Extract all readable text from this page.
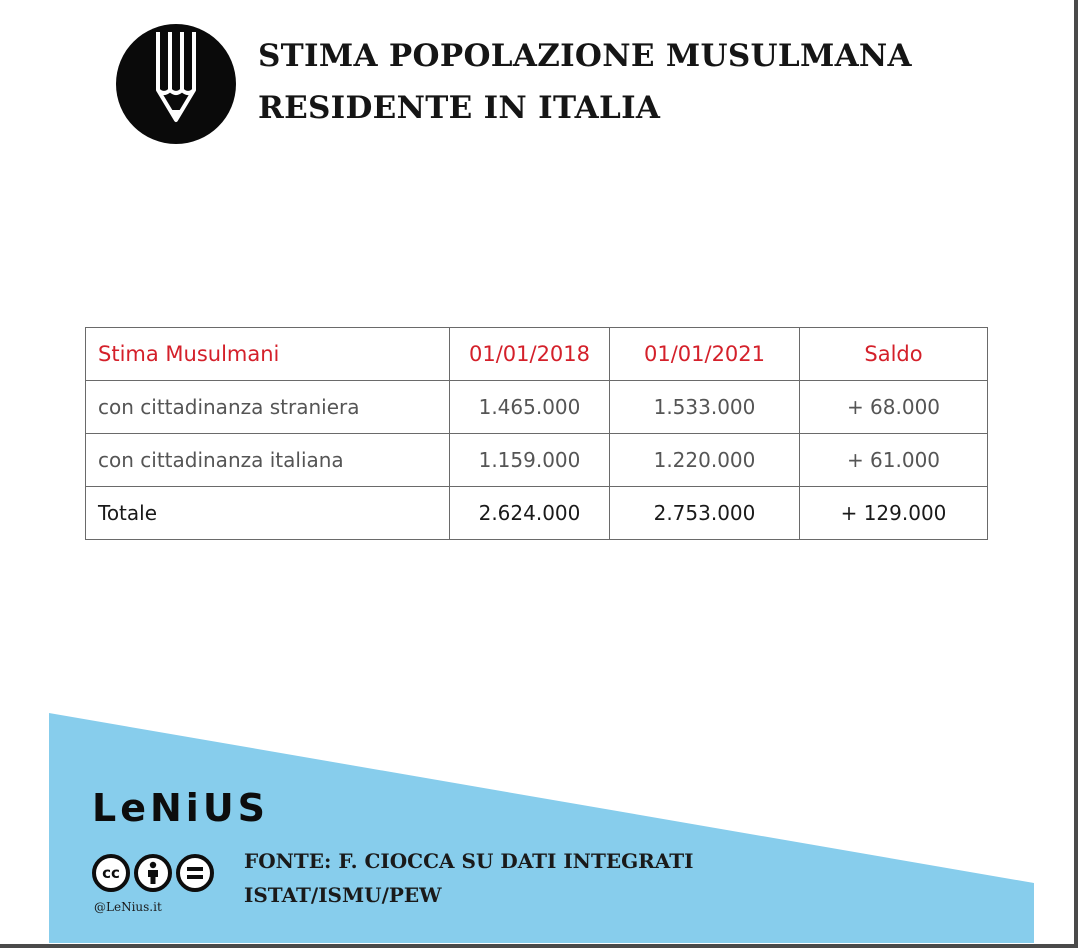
STIMA POPOLAZIONE MUSULMANA
RESIDENTE IN ITALIA
Stima Musulmani	01/01/2018	01/01/2021	Saldo
con cittadinanza straniera	1.465.000	1.533.000	+ 68.000
con cittadinanza italiana	1.159.000	1.220.000	+ 61.000
Totale	2.624.000	2.753.000	+ 129.000
LeNiUS
cc
@LeNius.it
FONTE: F. CIOCCA SU DATI INTEGRATI
ISTAT/ISMU/PEW
